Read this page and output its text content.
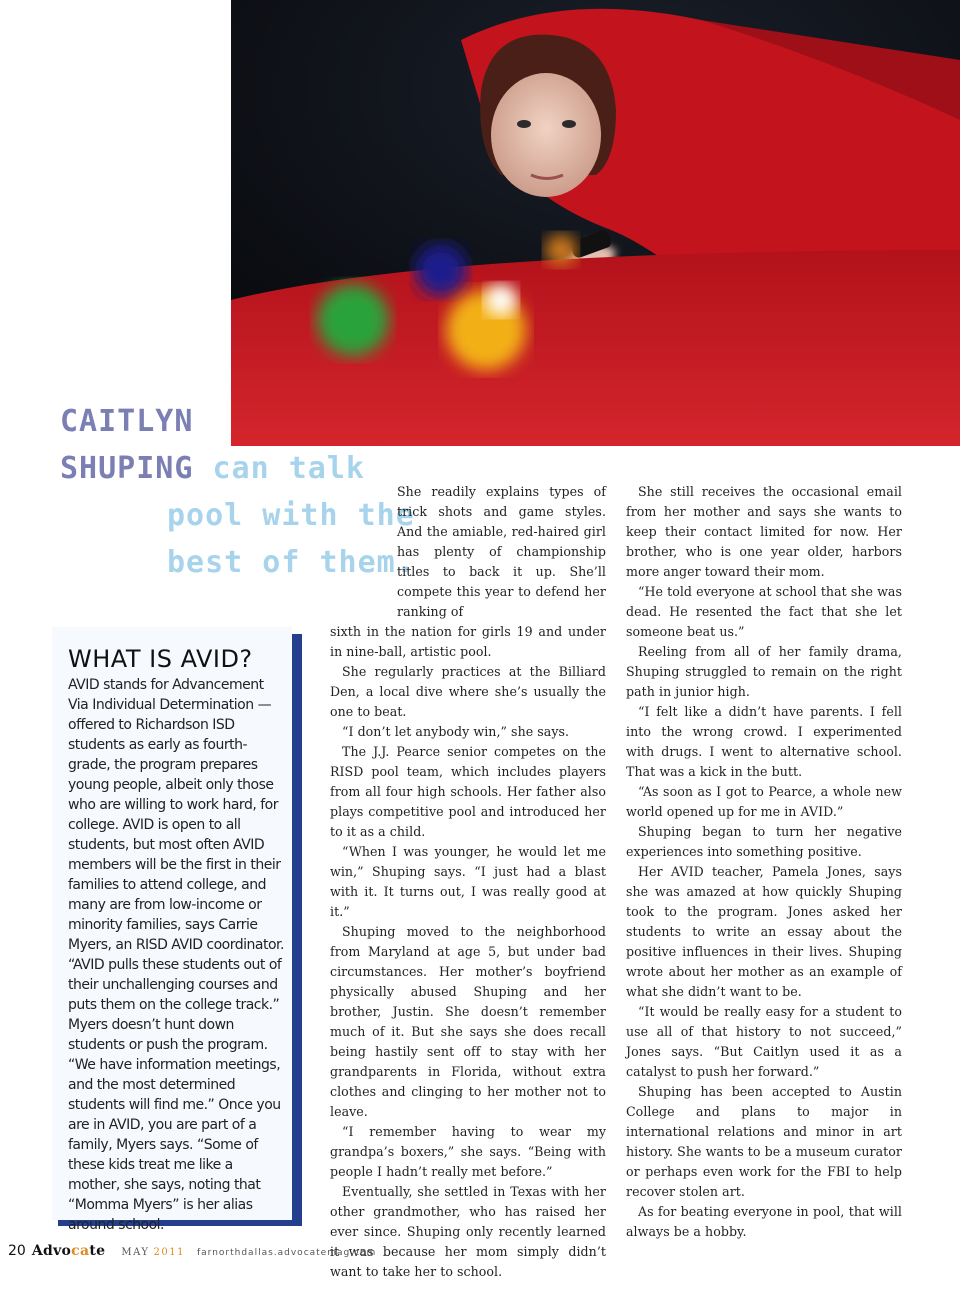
CAITLYN
SHUPING can talk
pool with the
best of them.
WHAT IS AVID?

AVID stands for Advancement Via Individual Determination —offered to Richardson ISD students as early as fourth-grade, the program prepares young people, albeit only those who are willing to work hard, for college. AVID is open to all students, but most often AVID members will be the first in their families to attend college, and many are from low-income or minority families, says Carrie Myers, an RISD AVID coordinator. “AVID pulls these students out of their unchallenging courses and puts them on the college track.”

Myers doesn’t hunt down students or push the program. “We have information meetings, and the most determined students will find me.” Once you are in AVID, you are part of a family, Myers says. “Some of these kids treat me like a mother, she says, noting that “Momma Myers” is her alias around school.

She readily explains types of trick shots and game styles. And the amiable, red-haired girl has plenty of championship titles to back it up. She’ll compete this year to defend her ranking of

sixth in the nation for girls 19 and under in nine-ball, artistic pool.

She regularly practices at the Billiard Den, a local dive where she’s usually the one to beat.

“I don’t let anybody win,” she says.

The J.J. Pearce senior competes on the RISD pool team, which includes players from all four high schools. Her father also plays competitive pool and introduced her to it as a child.

“When I was younger, he would let me win,” Shuping says. “I just had a blast with it. It turns out, I was really good at it.”

Shuping moved to the neighborhood from Maryland at age 5, but under bad circumstances. Her mother’s boyfriend physically abused Shuping and her brother, Justin. She doesn’t remember much of it. But she says she does recall being hastily sent off to stay with her grandparents in Florida, without extra clothes and clinging to her mother not to leave.

“I remember having to wear my grandpa’s boxers,” she says. “Being with people I hadn’t really met before.”

Eventually, she settled in Texas with her other grandmother, who has raised her ever since. Shuping only recently learned it was because her mom simply didn’t want to take her to school.

She still receives the occasional email from her mother and says she wants to keep their contact limited for now. Her brother, who is one year older, harbors more anger toward their mom.

“He told everyone at school that she was dead. He resented the fact that she let someone beat us.”

Reeling from all of her family drama, Shuping struggled to remain on the right path in junior high.

“I felt like a didn’t have parents. I fell into the wrong crowd. I experimented with drugs. I went to alternative school. That was a kick in the butt.

“As soon as I got to Pearce, a whole new world opened up for me in AVID.”

Shuping began to turn her negative experiences into something positive.

Her AVID teacher, Pamela Jones, says she was amazed at how quickly Shuping took to the program. Jones asked her students to write an essay about the positive influences in their lives. Shuping wrote about her mother as an example of what she didn’t want to be.

“It would be really easy for a student to use all of that history to not succeed,” Jones says. “But Caitlyn used it as a catalyst to push her forward.”

Shuping has been accepted to Austin College and plans to major in international relations and minor in art history. She wants to be a museum curator or perhaps even work for the FBI to help recover stolen art.

As for beating everyone in pool, that will always be a hobby.

20 Advocate MAY 2011 farnorthdallas.advocatemag.com
